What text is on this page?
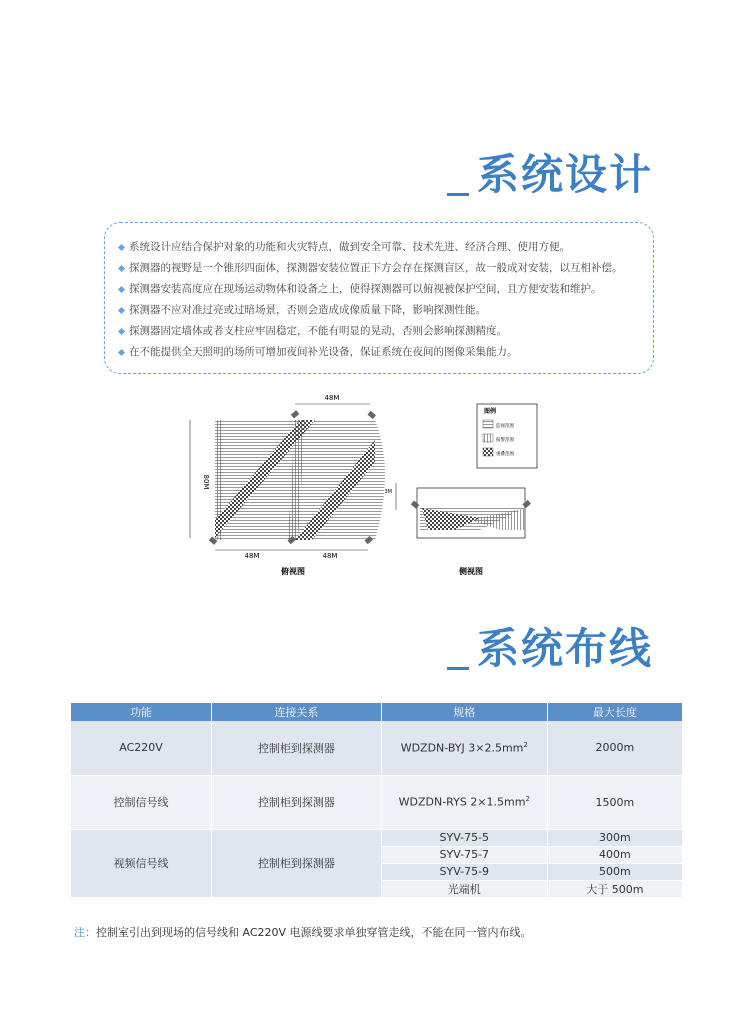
系统设计
系统设计应结合保护对象的功能和火灾特点，做到安全可靠、技术先进、经济合理、使用方便。
探测器的视野是一个锥形四面体，探测器安装位置正下方会存在探测盲区，故一般成对安装，以互相补偿。
探测器安装高度应在现场运动物体和设备之上，使得探测器可以俯视被保护空间，且方便安装和维护。
探测器不应对准过亮或过暗场景，否则会造成成像质量下降，影响探测性能。
探测器固定墙体或者支柱应牢固稳定，不能有明显的晃动，否则会影响探测精度。
在不能提供全天照明的场所可增加夜间补光设备，保证系统在夜间的图像采集能力。
48M
80M
48M	48M
俯视图
图例
监视范围
报警范围
重叠范围
3M
侧视图
系统布线
功能	连接关系	规格	最大长度
AC220V	控制柜到探测器	WDZDN-BYJ $3\times 2.5mm^2$	2000m
控制信号线	控制柜到探测器	WDZDN-RYS $2\times 1.5mm^2$	1500m
视频信号线	控制柜到探测器	SYV-75-5	300m
		SYV-75-7	400m
		SYV-75-9	500m
		光端机	大于 500m
注：控制室引出到现场的信号线和 AC220V 电源线要求单独穿管走线，不能在同一管内布线。
